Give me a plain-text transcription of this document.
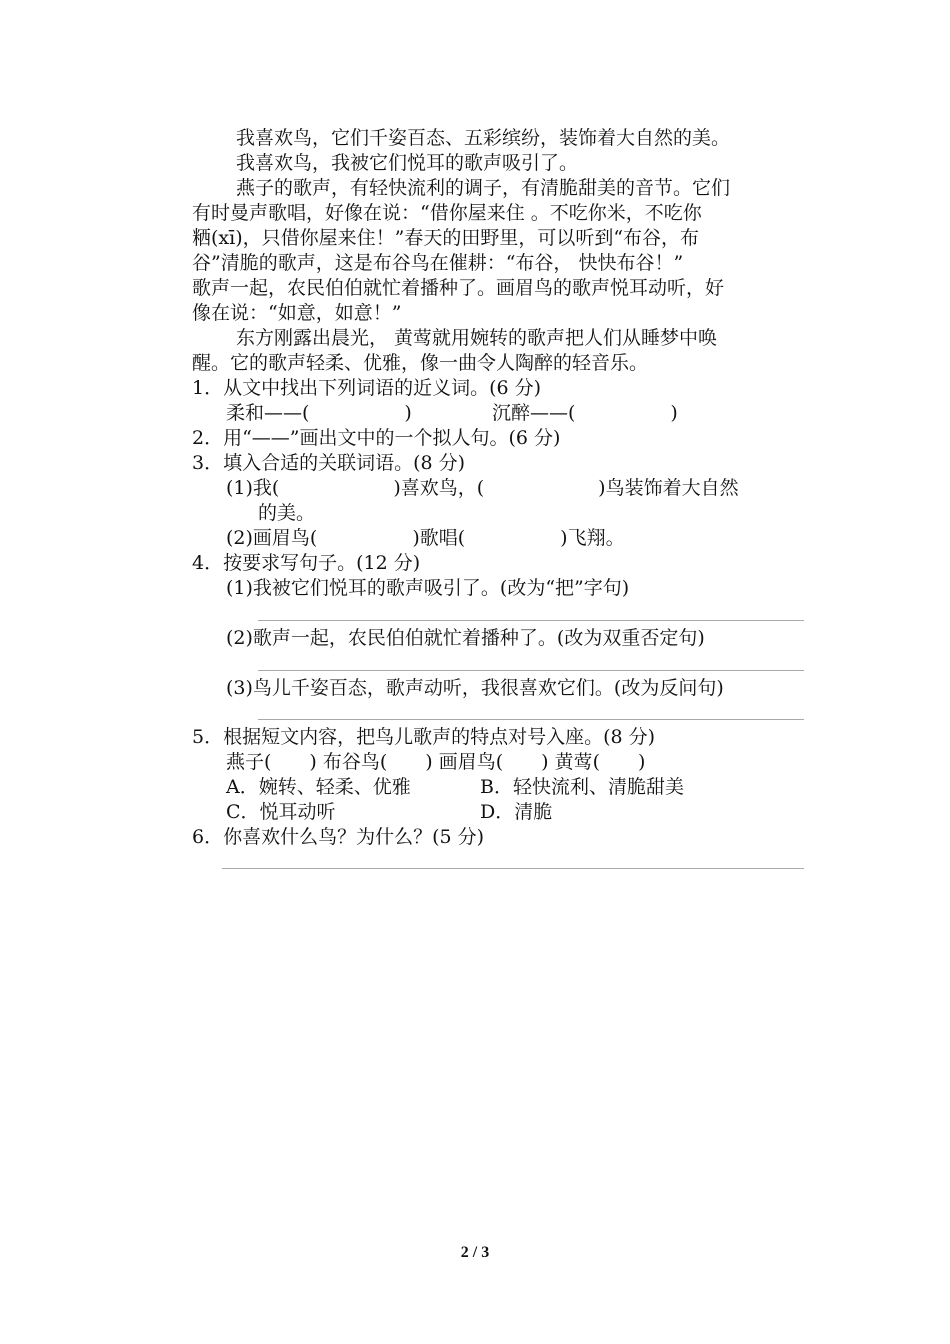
我喜欢鸟，它们千姿百态、五彩缤纷，装饰着大自然的美。
我喜欢鸟，我被它们悦耳的歌声吸引了。
燕子的歌声，有轻快流利的调子，有清脆甜美的音节。它们
有时曼声歌唱，好像在说：“借你屋来住 。不吃你米，不吃你
粞(xī)，只借你屋来住！”春天的田野里，可以听到“布谷，布
谷”清脆的歌声，这是布谷鸟在催耕：“布谷， 快快布谷！”
歌声一起，农民伯伯就忙着播种了。画眉鸟的歌声悦耳动听，好
像在说：“如意，如意！”
东方刚露出晨光， 黄莺就用婉转的歌声把人们从睡梦中唤
醒。它的歌声轻柔、优雅，像一曲令人陶醉的轻音乐。
1．从文中找出下列词语的近义词。(6 分)
柔和——(　　　　　)	沉醉——(　　　　　)
2．用“——”画出文中的一个拟人句。(6 分)
3．填入合适的关联词语。(8 分)
(1)我(　　　　　　)喜欢鸟，(　　　　　　)鸟装饰着大自然
的美。
(2)画眉鸟(　　　　　)歌唱(　　　　　)飞翔。
4．按要求写句子。(12 分)
(1)我被它们悦耳的歌声吸引了。(改为“把”字句)
(2)歌声一起，农民伯伯就忙着播种了。(改为双重否定句)
(3)鸟儿千姿百态，歌声动听，我很喜欢它们。(改为反问句)
5．根据短文内容，把鸟儿歌声的特点对号入座。(8 分)
燕子(　　) 布谷鸟(　　) 画眉鸟(　　) 黄莺(　　)
A．婉转、轻柔、优雅	B．轻快流利、清脆甜美
C．悦耳动听	D．清脆
6．你喜欢什么鸟？为什么？(5 分)
2 / 3
